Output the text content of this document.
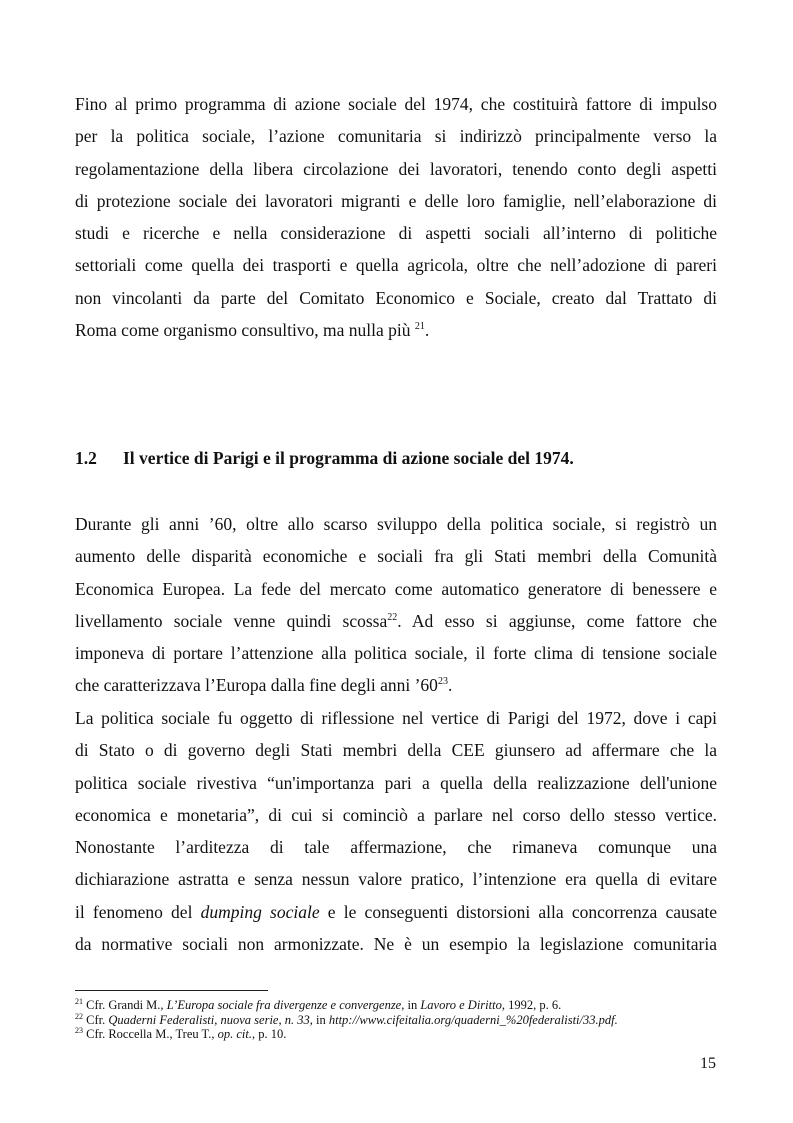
Fino al primo programma di azione sociale del 1974, che costituirà fattore di impulso
per la politica sociale, l’azione comunitaria si indirizzò principalmente verso la
regolamentazione della libera circolazione dei lavoratori, tenendo conto degli aspetti
di protezione sociale dei lavoratori migranti e delle loro famiglie, nell’elaborazione di
studi e ricerche e nella considerazione di aspetti sociali all’interno di politiche
settoriali come quella dei trasporti e quella agricola, oltre che nell’adozione di pareri
non vincolanti da parte del Comitato Economico e Sociale, creato dal Trattato di
Roma come organismo consultivo, ma nulla più $^{21}$.
1.2 Il vertice di Parigi e il programma di azione sociale del 1974.
Durante gli anni ’60, oltre allo scarso sviluppo della politica sociale, si registrò un
aumento delle disparità economiche e sociali fra gli Stati membri della Comunità
Economica Europea. La fede del mercato come automatico generatore di benessere e
livellamento sociale venne quindi scossa$^{22}$. Ad esso si aggiunse, come fattore che
imponeva di portare l’attenzione alla politica sociale, il forte clima di tensione sociale
che caratterizzava l’Europa dalla fine degli anni $’60^{23}$.
La politica sociale fu oggetto di riflessione nel vertice di Parigi del 1972, dove i capi
di Stato o di governo degli Stati membri della CEE giunsero ad affermare che la
politica sociale rivestiva “un'importanza pari a quella della realizzazione dell'unione
economica e monetaria”, di cui si cominciò a parlare nel corso dello stesso vertice.
Nonostante l’arditezza di tale affermazione, che rimaneva comunque una
dichiarazione astratta e senza nessun valore pratico, l’intenzione era quella di evitare
il fenomeno del dumping sociale e le conseguenti distorsioni alla concorrenza causate
da normative sociali non armonizzate. Ne è un esempio la legislazione comunitaria
$^{21}$ Cfr. Grandi M., L’Europa sociale fra divergenze e convergenze, in Lavoro e Diritto, 1992, p. 6.
$^{22}$ Cfr. Quaderni Federalisti, nuova serie, n. 33, in http://www.cifeitalia.org/quaderni_%20federalisti/33.pdf.
$^{23}$ Cfr. Roccella M., Treu T., op. cit., p. 10.
15
